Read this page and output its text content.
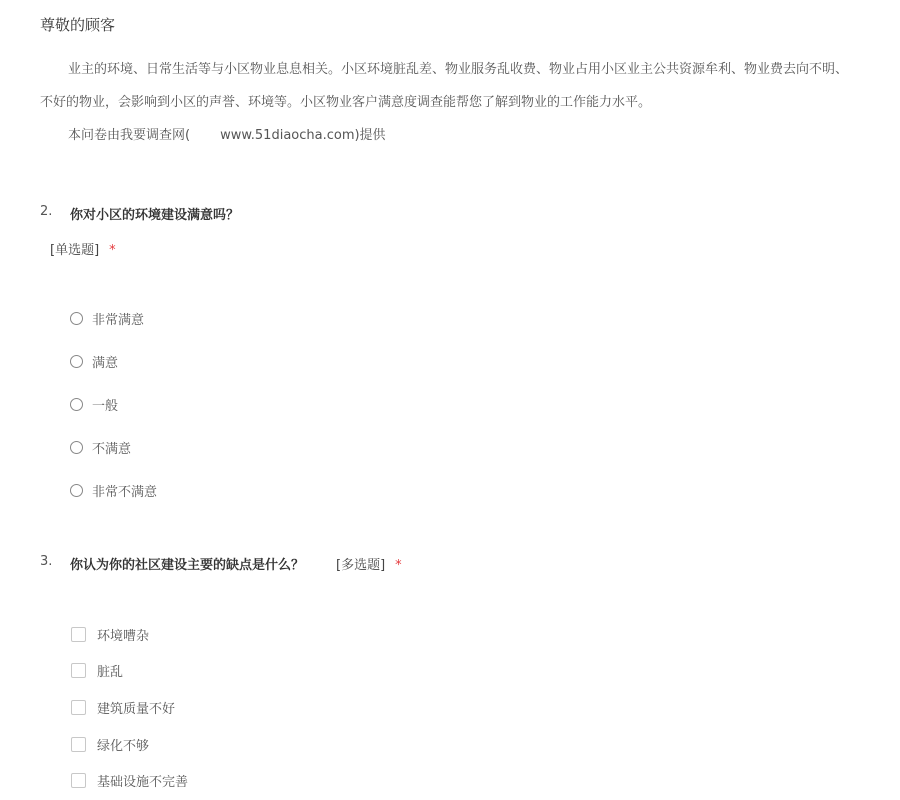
尊敬的顾客
业主的环境、日常生活等与小区物业息息相关。小区环境脏乱差、物业服务乱收费、物业占用小区业主公共资源牟利、物业费去向不明、
不好的物业，会影响到小区的声誉、环境等。小区物业客户满意度调查能帮您了解到物业的工作能力水平。
本问卷由我要调查网( www.51diaocha.com)提供
2. 你对小区的环境建设满意吗？
[单选题] *
非常满意
满意
一般
不满意
非常不满意
3. 你认为你的社区建设主要的缺点是什么？ [多选题] *
环境嘈杂
脏乱
建筑质量不好
绿化不够
基础设施不完善
